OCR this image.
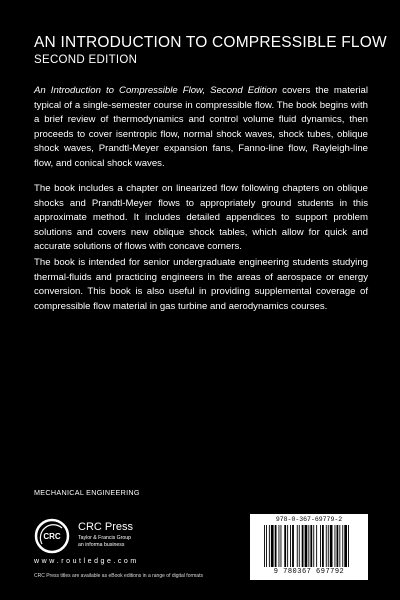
AN INTRODUCTION TO COMPRESSIBLE FLOW
SECOND EDITION

An Introduction to Compressible Flow, Second Edition covers the material typical of a single-semester course in compressible flow. The book begins with a brief review of thermodynamics and control volume fluid dynamics, then proceeds to cover isentropic flow, normal shock waves, shock tubes, oblique shock waves, Prandtl-Meyer expansion fans, Fanno-line flow, Rayleigh-line flow, and conical shock waves.

The book includes a chapter on linearized flow following chapters on oblique shocks and Prandtl-Meyer flows to appropriately ground students in this approximate method. It includes detailed appendices to support problem solutions and covers new oblique shock tables, which allow for quick and accurate solutions of flows with concave corners.

The book is intended for senior undergraduate engineering students studying thermal-fluids and practicing engineers in the areas of aerospace or energy conversion. This book is also useful in providing supplemental coverage of compressible flow material in gas turbine and aerodynamics courses.

MECHANICAL ENGINEERING
CRC
CRC Press
Taylor & Francis Group
an informa business
w w w . r o u t l e d g e . c o m
CRC Press titles are available as eBook editions in a range of digital formats
978-0-367-69779-2
9 780367 697792
